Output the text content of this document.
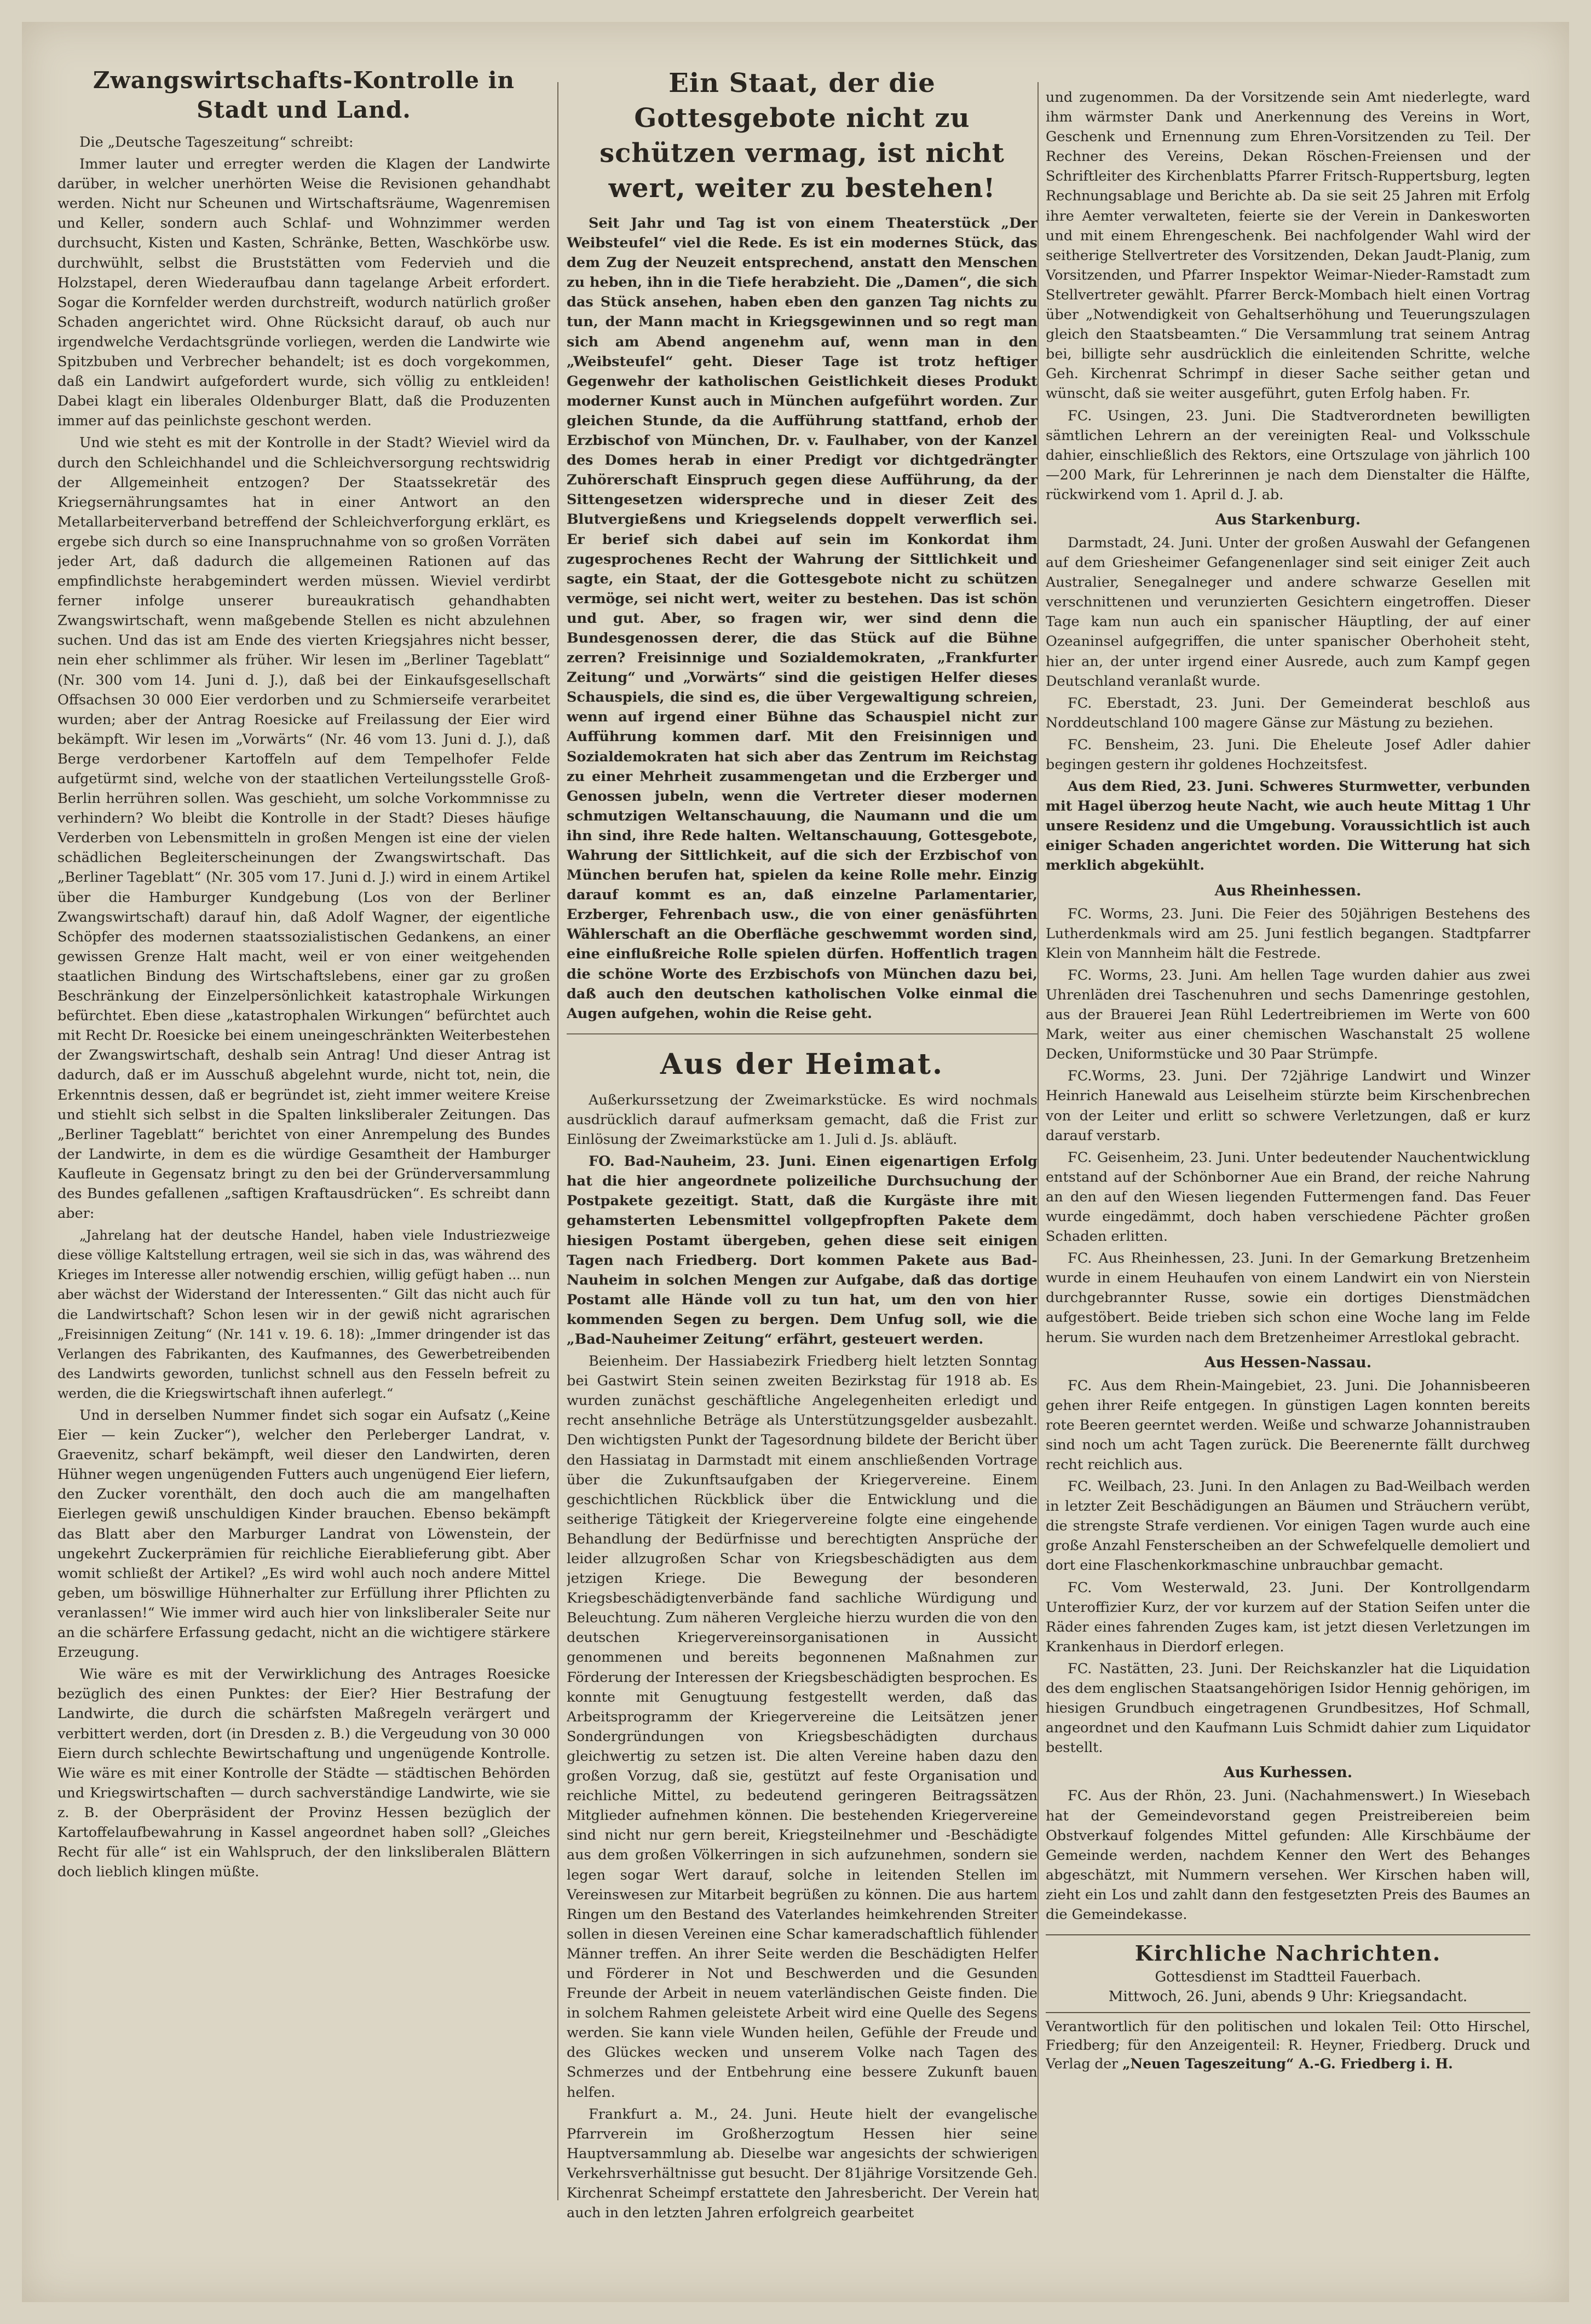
Zwangswirtschafts-Kontrolle in Stadt und Land.

Die „Deutsche Tageszeitung“ schreibt:

Immer lauter und erregter werden die Klagen der Landwirte darüber, in welcher unerhörten Weise die Revisionen gehandhabt werden. Nicht nur Scheunen und Wirtschaftsräume, Wagenremisen und Keller, sondern auch Schlaf- und Wohnzimmer werden durchsucht, Kisten und Kasten, Schränke, Betten, Waschkörbe usw. durchwühlt, selbst die Bruststätten vom Federvieh und die Holzstapel, deren Wiederaufbau dann tagelange Arbeit erfordert. Sogar die Kornfelder werden durchstreift, wodurch natürlich großer Schaden angerichtet wird. Ohne Rücksicht darauf, ob auch nur irgendwelche Verdachtsgründe vorliegen, werden die Landwirte wie Spitzbuben und Verbrecher behandelt; ist es doch vorgekommen, daß ein Landwirt aufgefordert wurde, sich völlig zu entkleiden! Dabei klagt ein liberales Oldenburger Blatt, daß die Produzenten immer auf das peinlichste geschont werden.

Und wie steht es mit der Kontrolle in der Stadt? Wieviel wird da durch den Schleichhandel und die Schleichversorgung rechtswidrig der Allgemeinheit entzogen? Der Staatssekretär des Kriegsernährungsamtes hat in einer Antwort an den Metallarbeiterverband betreffend der Schleichverforgung erklärt, es ergebe sich durch so eine Inanspruchnahme von so großen Vorräten jeder Art, daß dadurch die allgemeinen Rationen auf das empfindlichste herabgemindert werden müssen. Wieviel verdirbt ferner infolge unserer bureaukratisch gehandhabten Zwangswirtschaft, wenn maßgebende Stellen es nicht abzulehnen suchen. Und das ist am Ende des vierten Kriegsjahres nicht besser, nein eher schlimmer als früher. Wir lesen im „Berliner Tageblatt“ (Nr. 300 vom 14. Juni d. J.), daß bei der Einkaufsgesellschaft Offsachsen 30 000 Eier verdorben und zu Schmierseife verarbeitet wurden; aber der Antrag Roesicke auf Freilassung der Eier wird bekämpft. Wir lesen im „Vorwärts“ (Nr. 46 vom 13. Juni d. J.), daß Berge verdorbener Kartoffeln auf dem Tempelhofer Felde aufgetürmt sind, welche von der staatlichen Verteilungsstelle Groß-Berlin herrühren sollen. Was geschieht, um solche Vorkommnisse zu verhindern? Wo bleibt die Kontrolle in der Stadt? Dieses häufige Verderben von Lebensmitteln in großen Mengen ist eine der vielen schädlichen Begleiterscheinungen der Zwangswirtschaft. Das „Berliner Tageblatt“ (Nr. 305 vom 17. Juni d. J.) wird in einem Artikel über die Hamburger Kundgebung (Los von der Berliner Zwangswirtschaft) darauf hin, daß Adolf Wagner, der eigentliche Schöpfer des modernen staatssozialistischen Gedankens, an einer gewissen Grenze Halt macht, weil er von einer weitgehenden staatlichen Bindung des Wirtschaftslebens, einer gar zu großen Beschränkung der Einzelpersönlichkeit katastrophale Wirkungen befürchtet. Eben diese „katastrophalen Wirkungen“ befürchtet auch mit Recht Dr. Roesicke bei einem uneingeschränkten Weiterbestehen der Zwangswirtschaft, deshalb sein Antrag! Und dieser Antrag ist dadurch, daß er im Ausschuß abgelehnt wurde, nicht tot, nein, die Erkenntnis dessen, daß er begründet ist, zieht immer weitere Kreise und stiehlt sich selbst in die Spalten linksliberaler Zeitungen. Das „Berliner Tageblatt“ berichtet von einer Anrempelung des Bundes der Landwirte, in dem es die würdige Gesamtheit der Hamburger Kaufleute in Gegensatz bringt zu den bei der Gründerversammlung des Bundes gefallenen „saftigen Kraftausdrücken“. Es schreibt dann aber:

„Jahrelang hat der deutsche Handel, haben viele Industriezweige diese völlige Kaltstellung ertragen, weil sie sich in das, was während des Krieges im Interesse aller notwendig erschien, willig gefügt haben ... nun aber wächst der Widerstand der Interessenten.“ Gilt das nicht auch für die Landwirtschaft? Schon lesen wir in der gewiß nicht agrarischen „Freisinnigen Zeitung“ (Nr. 141 v. 19. 6. 18): „Immer dringender ist das Verlangen des Fabrikanten, des Kaufmannes, des Gewerbetreibenden des Landwirts geworden, tunlichst schnell aus den Fesseln befreit zu werden, die die Kriegswirtschaft ihnen auferlegt.“

Und in derselben Nummer findet sich sogar ein Aufsatz („Keine Eier — kein Zucker“), welcher den Perleberger Landrat, v. Graevenitz, scharf bekämpft, weil dieser den Landwirten, deren Hühner wegen ungenügenden Futters auch ungenügend Eier liefern, den Zucker vorenthält, den doch auch die am mangelhaften Eierlegen gewiß unschuldigen Kinder brauchen. Ebenso bekämpft das Blatt aber den Marburger Landrat von Löwenstein, der ungekehrt Zuckerprämien für reichliche Eierablieferung gibt. Aber womit schließt der Artikel? „Es wird wohl auch noch andere Mittel geben, um böswillige Hühnerhalter zur Erfüllung ihrer Pflichten zu veranlassen!“ Wie immer wird auch hier von linksliberaler Seite nur an die schärfere Erfassung gedacht, nicht an die wichtigere stärkere Erzeugung.

Wie wäre es mit der Verwirklichung des Antrages Roesicke bezüglich des einen Punktes: der Eier? Hier Bestrafung der Landwirte, die durch die schärfsten Maßregeln verärgert und verbittert werden, dort (in Dresden z. B.) die Vergeudung von 30 000 Eiern durch schlechte Bewirtschaftung und ungenügende Kontrolle. Wie wäre es mit einer Kontrolle der Städte — städtischen Behörden und Kriegswirtschaften — durch sachverständige Landwirte, wie sie z. B. der Oberpräsident der Provinz Hessen bezüglich der Kartoffelaufbewahrung in Kassel angeordnet haben soll? „Gleiches Recht für alle“ ist ein Wahlspruch, der den linksliberalen Blättern doch lieblich klingen müßte.

Ein Staat, der die Gottesgebote nicht zu schützen vermag, ist nicht wert, weiter zu bestehen!

Seit Jahr und Tag ist von einem Theaterstück „Der Weibsteufel“ viel die Rede. Es ist ein modernes Stück, das dem Zug der Neuzeit entsprechend, anstatt den Menschen zu heben, ihn in die Tiefe herabzieht. Die „Damen“, die sich das Stück ansehen, haben eben den ganzen Tag nichts zu tun, der Mann macht in Kriegsgewinnen und so regt man sich am Abend angenehm auf, wenn man in den „Weibsteufel“ geht. Dieser Tage ist trotz heftiger Gegenwehr der katholischen Geistlichkeit dieses Produkt moderner Kunst auch in München aufgeführt worden. Zur gleichen Stunde, da die Aufführung stattfand, erhob der Erzbischof von München, Dr. v. Faulhaber, von der Kanzel des Domes herab in einer Predigt vor dichtgedrängter Zuhörerschaft Einspruch gegen diese Aufführung, da der Sittengesetzen widerspreche und in dieser Zeit des Blutvergießens und Kriegselends doppelt verwerflich sei. Er berief sich dabei auf sein im Konkordat ihm zugesprochenes Recht der Wahrung der Sittlichkeit und sagte, ein Staat, der die Gottesgebote nicht zu schützen vermöge, sei nicht wert, weiter zu bestehen. Das ist schön und gut. Aber, so fragen wir, wer sind denn die Bundesgenossen derer, die das Stück auf die Bühne zerren? Freisinnige und Sozialdemokraten, „Frankfurter Zeitung“ und „Vorwärts“ sind die geistigen Helfer dieses Schauspiels, die sind es, die über Vergewaltigung schreien, wenn auf irgend einer Bühne das Schauspiel nicht zur Aufführung kommen darf. Mit den Freisinnigen und Sozialdemokraten hat sich aber das Zentrum im Reichstag zu einer Mehrheit zusammengetan und die Erzberger und Genossen jubeln, wenn die Vertreter dieser modernen schmutzigen Weltanschauung, die Naumann und die um ihn sind, ihre Rede halten. Weltanschauung, Gottesgebote, Wahrung der Sittlichkeit, auf die sich der Erzbischof von München berufen hat, spielen da keine Rolle mehr. Einzig darauf kommt es an, daß einzelne Parlamentarier, Erzberger, Fehrenbach usw., die von einer genäsführten Wählerschaft an die Oberfläche geschwemmt worden sind, eine einflußreiche Rolle spielen dürfen. Hoffentlich tragen die schöne Worte des Erzbischofs von München dazu bei, daß auch den deutschen katholischen Volke einmal die Augen aufgehen, wohin die Reise geht.

Aus der Heimat.

Außerkurssetzung der Zweimarkstücke. Es wird nochmals ausdrücklich darauf aufmerksam gemacht, daß die Frist zur Einlösung der Zweimarkstücke am 1. Juli d. Js. abläuft.

FO. Bad-Nauheim, 23. Juni. Einen eigenartigen Erfolg hat die hier angeordnete polizeiliche Durchsuchung der Postpakete gezeitigt. Statt, daß die Kurgäste ihre mit gehamsterten Lebensmittel vollgepfropften Pakete dem hiesigen Postamt übergeben, gehen diese seit einigen Tagen nach Friedberg. Dort kommen Pakete aus Bad-Nauheim in solchen Mengen zur Aufgabe, daß das dortige Postamt alle Hände voll zu tun hat, um den von hier kommenden Segen zu bergen. Dem Unfug soll, wie die „Bad-Nauheimer Zeitung“ erfährt, gesteuert werden.

Beienheim. Der Hassiabezirk Friedberg hielt letzten Sonntag bei Gastwirt Stein seinen zweiten Bezirkstag für 1918 ab. Es wurden zunächst geschäftliche Angelegenheiten erledigt und recht ansehnliche Beträge als Unterstützungsgelder ausbezahlt. Den wichtigsten Punkt der Tagesordnung bildete der Bericht über den Hassiatag in Darmstadt mit einem anschließenden Vortrage über die Zukunftsaufgaben der Kriegervereine. Einem geschichtlichen Rückblick über die Entwicklung und die seitherige Tätigkeit der Kriegervereine folgte eine eingehende Behandlung der Bedürfnisse und berechtigten Ansprüche der leider allzugroßen Schar von Kriegsbeschädigten aus dem jetzigen Kriege. Die Bewegung der besonderen Kriegsbeschädigtenverbände fand sachliche Würdigung und Beleuchtung. Zum näheren Vergleiche hierzu wurden die von den deutschen Kriegervereinsorganisationen in Aussicht genommenen und bereits begonnenen Maßnahmen zur Förderung der Interessen der Kriegsbeschädigten besprochen. Es konnte mit Genugtuung festgestellt werden, daß das Arbeitsprogramm der Kriegervereine die Leitsätzen jener Sondergründungen von Kriegsbeschädigten durchaus gleichwertig zu setzen ist. Die alten Vereine haben dazu den großen Vorzug, daß sie, gestützt auf feste Organisation und reichliche Mittel, zu bedeutend geringeren Beitragssätzen Mitglieder aufnehmen können. Die bestehenden Kriegervereine sind nicht nur gern bereit, Kriegsteilnehmer und -Beschädigte aus dem großen Völkerringen in sich aufzunehmen, sondern sie legen sogar Wert darauf, solche in leitenden Stellen im Vereinswesen zur Mitarbeit begrüßen zu können. Die aus hartem Ringen um den Bestand des Vaterlandes heimkehrenden Streiter sollen in diesen Vereinen eine Schar kameradschaftlich fühlender Männer treffen. An ihrer Seite werden die Beschädigten Helfer und Förderer in Not und Beschwerden und die Gesunden Freunde der Arbeit in neuem vaterländischen Geiste finden. Die in solchem Rahmen geleistete Arbeit wird eine Quelle des Segens werden. Sie kann viele Wunden heilen, Gefühle der Freude und des Glückes wecken und unserem Volke nach Tagen des Schmerzes und der Entbehrung eine bessere Zukunft bauen helfen.

Frankfurt a. M., 24. Juni. Heute hielt der evangelische Pfarrverein im Großherzogtum Hessen hier seine Hauptversammlung ab. Dieselbe war angesichts der schwierigen Verkehrsverhältnisse gut besucht. Der 81jährige Vorsitzende Geh. Kirchenrat Scheimpf erstattete den Jahresbericht. Der Verein hat auch in den letzten Jahren erfolgreich gearbeitet

und zugenommen. Da der Vorsitzende sein Amt niederlegte, ward ihm wärmster Dank und Anerkennung des Vereins in Wort, Geschenk und Ernennung zum Ehren-Vorsitzenden zu Teil. Der Rechner des Vereins, Dekan Röschen-Freiensen und der Schriftleiter des Kirchenblatts Pfarrer Fritsch-Ruppertsburg, legten Rechnungsablage und Berichte ab. Da sie seit 25 Jahren mit Erfolg ihre Aemter verwalteten, feierte sie der Verein in Dankesworten und mit einem Ehrengeschenk. Bei nachfolgender Wahl wird der seitherige Stellvertreter des Vorsitzenden, Dekan Jaudt-Planig, zum Vorsitzenden, und Pfarrer Inspektor Weimar-Nieder-Ramstadt zum Stellvertreter gewählt. Pfarrer Berck-Mombach hielt einen Vortrag über „Notwendigkeit von Gehaltserhöhung und Teuerungszulagen gleich den Staatsbeamten.“ Die Versammlung trat seinem Antrag bei, billigte sehr ausdrücklich die einleitenden Schritte, welche Geh. Kirchenrat Schrimpf in dieser Sache seither getan und wünscht, daß sie weiter ausgeführt, guten Erfolg haben. Fr.

FC. Usingen, 23. Juni. Die Stadtverordneten bewilligten sämtlichen Lehrern an der vereinigten Real- und Volksschule dahier, einschließlich des Rektors, eine Ortszulage von jährlich 100—200 Mark, für Lehrerinnen je nach dem Dienstalter die Hälfte, rückwirkend vom 1. April d. J. ab.

Aus Starkenburg.

Darmstadt, 24. Juni. Unter der großen Auswahl der Gefangenen auf dem Griesheimer Gefangenenlager sind seit einiger Zeit auch Australier, Senegalneger und andere schwarze Gesellen mit verschnittenen und verunzierten Gesichtern eingetroffen. Dieser Tage kam nun auch ein spanischer Häuptling, der auf einer Ozeaninsel aufgegriffen, die unter spanischer Oberhoheit steht, hier an, der unter irgend einer Ausrede, auch zum Kampf gegen Deutschland veranlaßt wurde.

FC. Eberstadt, 23. Juni. Der Gemeinderat beschloß aus Norddeutschland 100 magere Gänse zur Mästung zu beziehen.

FC. Bensheim, 23. Juni. Die Eheleute Josef Adler dahier begingen gestern ihr goldenes Hochzeitsfest.

Aus dem Ried, 23. Juni. Schweres Sturmwetter, verbunden mit Hagel überzog heute Nacht, wie auch heute Mittag 1 Uhr unsere Residenz und die Umgebung. Voraussichtlich ist auch einiger Schaden angerichtet worden. Die Witterung hat sich merklich abgekühlt.

Aus Rheinhessen.

FC. Worms, 23. Juni. Die Feier des 50jährigen Bestehens des Lutherdenkmals wird am 25. Juni festlich begangen. Stadtpfarrer Klein von Mannheim hält die Festrede.

FC. Worms, 23. Juni. Am hellen Tage wurden dahier aus zwei Uhrenläden drei Taschenuhren und sechs Damenringe gestohlen, aus der Brauerei Jean Rühl Ledertreibriemen im Werte von 600 Mark, weiter aus einer chemischen Waschanstalt 25 wollene Decken, Uniformstücke und 30 Paar Strümpfe.

FC.Worms, 23. Juni. Der 72jährige Landwirt und Winzer Heinrich Hanewald aus Leiselheim stürzte beim Kirschenbrechen von der Leiter und erlitt so schwere Verletzungen, daß er kurz darauf verstarb.

FC. Geisenheim, 23. Juni. Unter bedeutender Nauchentwicklung entstand auf der Schönborner Aue ein Brand, der reiche Nahrung an den auf den Wiesen liegenden Futtermengen fand. Das Feuer wurde eingedämmt, doch haben verschiedene Pächter großen Schaden erlitten.

FC. Aus Rheinhessen, 23. Juni. In der Gemarkung Bretzenheim wurde in einem Heuhaufen von einem Landwirt ein von Nierstein durchgebrannter Russe, sowie ein dortiges Dienstmädchen aufgestöbert. Beide trieben sich schon eine Woche lang im Felde herum. Sie wurden nach dem Bretzenheimer Arrestlokal gebracht.

Aus Hessen-Nassau.

FC. Aus dem Rhein-Maingebiet, 23. Juni. Die Johannisbeeren gehen ihrer Reife entgegen. In günstigen Lagen konnten bereits rote Beeren geerntet werden. Weiße und schwarze Johannistrauben sind noch um acht Tagen zurück. Die Beerenernte fällt durchweg recht reichlich aus.

FC. Weilbach, 23. Juni. In den Anlagen zu Bad-Weilbach werden in letzter Zeit Beschädigungen an Bäumen und Sträuchern verübt, die strengste Strafe verdienen. Vor einigen Tagen wurde auch eine große Anzahl Fensterscheiben an der Schwefelquelle demoliert und dort eine Flaschenkorkmaschine unbrauchbar gemacht.

FC. Vom Westerwald, 23. Juni. Der Kontrollgendarm Unteroffizier Kurz, der vor kurzem auf der Station Seifen unter die Räder eines fahrenden Zuges kam, ist jetzt diesen Verletzungen im Krankenhaus in Dierdorf erlegen.

FC. Nastätten, 23. Juni. Der Reichskanzler hat die Liquidation des dem englischen Staatsangehörigen Isidor Hennig gehörigen, im hiesigen Grundbuch eingetragenen Grundbesitzes, Hof Schmall, angeordnet und den Kaufmann Luis Schmidt dahier zum Liquidator bestellt.

Aus Kurhessen.

FC. Aus der Rhön, 23. Juni. (Nachahmenswert.) In Wiesebach hat der Gemeindevorstand gegen Preistreibereien beim Obstverkauf folgendes Mittel gefunden: Alle Kirschbäume der Gemeinde werden, nachdem Kenner den Wert des Behanges abgeschätzt, mit Nummern versehen. Wer Kirschen haben will, zieht ein Los und zahlt dann den festgesetzten Preis des Baumes an die Gemeindekasse.

Kirchliche Nachrichten.
Gottesdienst im Stadtteil Fauerbach.
Mittwoch, 26. Juni, abends 9 Uhr: Kriegsandacht.
Verantwortlich für den politischen und lokalen Teil: Otto Hirschel, Friedberg; für den Anzeigenteil: R. Heyner, Friedberg. Druck und Verlag der „Neuen Tageszeitung“ A.-G. Friedberg i. H.
